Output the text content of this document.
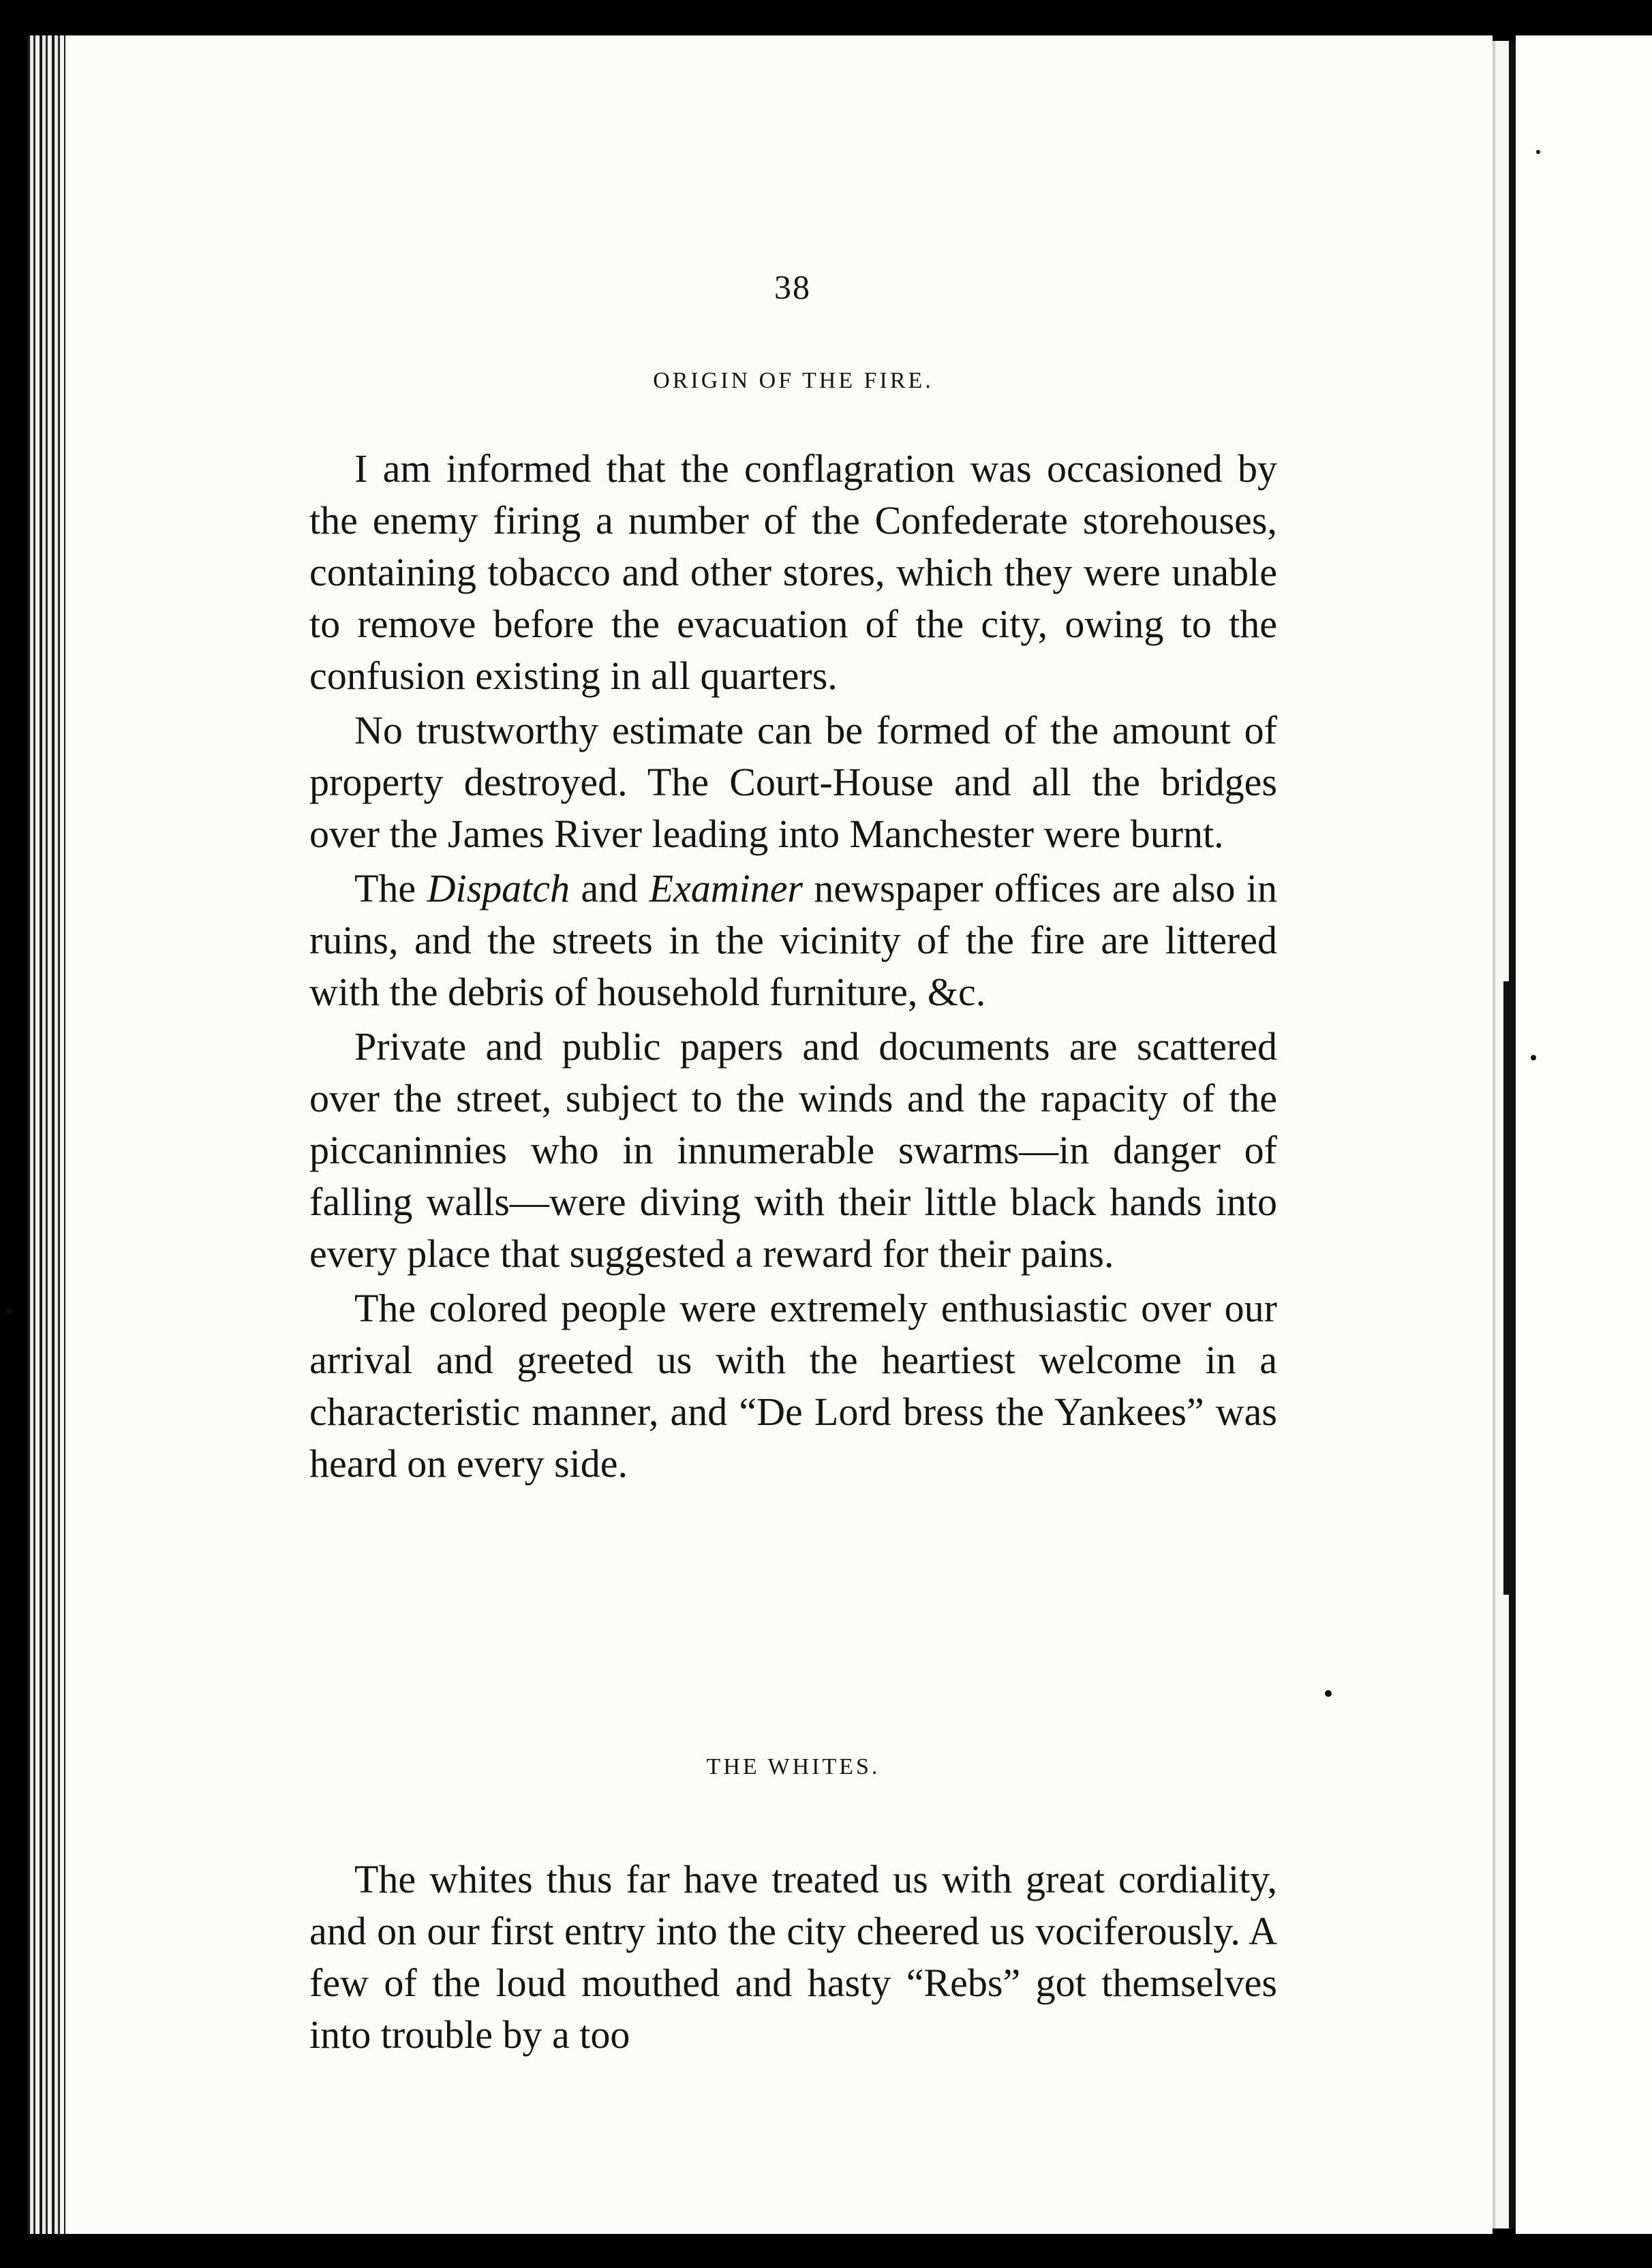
38
ORIGIN OF THE FIRE.

I am informed that the conflagration was occasioned by the enemy firing a number of the Confederate storehouses, containing tobacco and other stores, which they were unable to remove before the evacuation of the city, owing to the confusion existing in all quarters.

No trustworthy estimate can be formed of the amount of property destroyed. The Court-House and all the bridges over the James River leading into Manchester were burnt.

The Dispatch and Examiner newspaper offices are also in ruins, and the streets in the vicinity of the fire are littered with the debris of household furniture, &c.

Private and public papers and documents are scattered over the street, subject to the winds and the rapacity of the piccaninnies who in innumerable swarms—in danger of falling walls—were diving with their little black hands into every place that suggested a reward for their pains.

The colored people were extremely enthusiastic over our arrival and greeted us with the heartiest welcome in a characteristic manner, and “De Lord bress the Yankees” was heard on every side.

THE WHITES.

The whites thus far have treated us with great cordiality, and on our first entry into the city cheered us vociferously. A few of the loud mouthed and hasty “Rebs” got themselves into trouble by a too
